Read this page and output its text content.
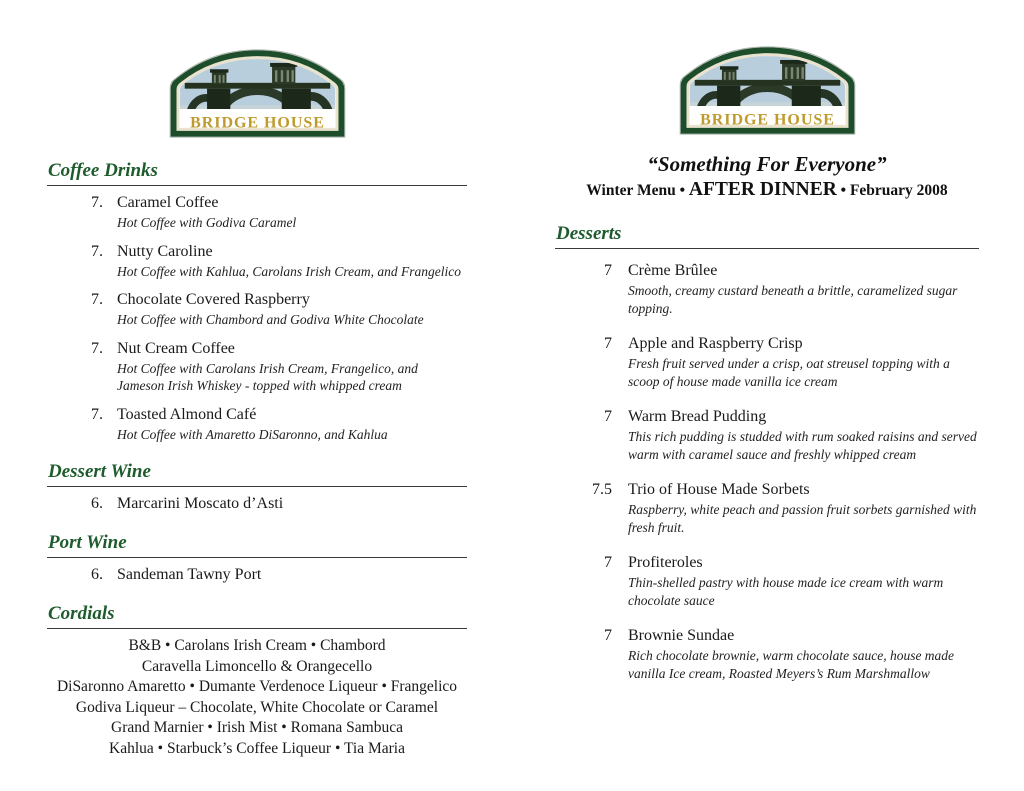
BRIDGE HOUSE
Coffee Drinks
7. Caramel Coffee
Hot Coffee with Godiva Caramel
7. Nutty Caroline
Hot Coffee with Kahlua, Carolans Irish Cream, and Frangelico
7. Chocolate Covered Raspberry
Hot Coffee with Chambord and Godiva White Chocolate
7. Nut Cream Coffee
Hot Coffee with Carolans Irish Cream, Frangelico, and Jameson Irish Whiskey - topped with whipped cream
7. Toasted Almond Café
Hot Coffee with Amaretto DiSaronno, and Kahlua
Dessert Wine
6. Marcarini Moscato d’Asti
Port Wine
6. Sandeman Tawny Port
Cordials

B&B • Carolans Irish Cream • Chambord

Caravella Limoncello & Orangecello

DiSaronno Amaretto • Dumante Verdenoce Liqueur • Frangelico

Godiva Liqueur – Chocolate, White Chocolate or Caramel

Grand Marnier • Irish Mist • Romana Sambuca

Kahlua • Starbuck’s Coffee Liqueur • Tia Maria

BRIDGE HOUSE

“Something For Everyone”

Winter Menu • AFTER DINNER • February 2008

Desserts
7	Crème Brûlee
Smooth, creamy custard beneath a brittle, caramelized sugar topping.
7	Apple and Raspberry Crisp
Fresh fruit served under a crisp, oat streusel topping with a scoop of house made vanilla ice cream
7	Warm Bread Pudding
This rich pudding is studded with rum soaked raisins and served warm with caramel sauce and freshly whipped cream
7.5	Trio of House Made Sorbets
Raspberry, white peach and passion fruit sorbets garnished with fresh fruit.
7	Profiteroles
Thin-shelled pastry with house made ice cream with warm chocolate sauce
7	Brownie Sundae
Rich chocolate brownie, warm chocolate sauce, house made vanilla Ice cream, Roasted Meyers’s Rum Marshmallow
